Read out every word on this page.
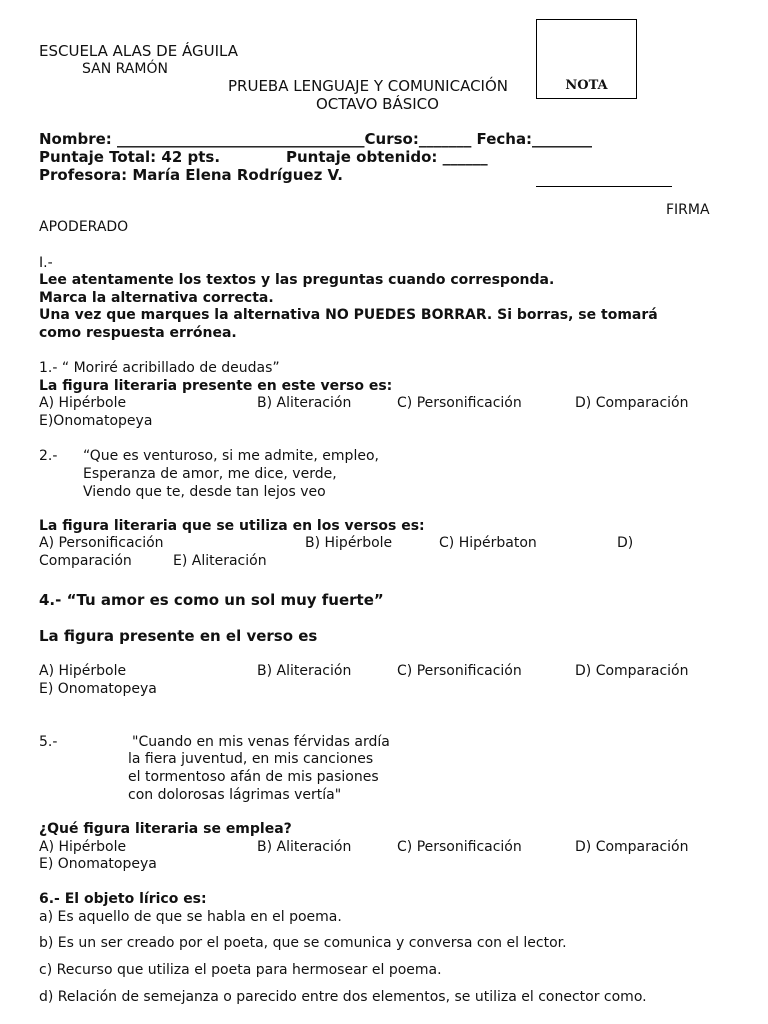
ESCUELA ALAS DE ÁGUILA
SAN RAMÓN
PRUEBA LENGUAJE Y COMUNICACIÓN
OCTAVO BÁSICO
NOTA
Nombre: _________________________________Curso:_______ Fecha:________
Puntaje Total: 42 pts.	Puntaje obtenido: ______
Profesora: María Elena Rodríguez V.
FIRMA
APODERADO
I.-
Lee atentamente los textos y las preguntas cuando corresponda.
Marca la alternativa correcta.
Una vez que marques la alternativa NO PUEDES BORRAR. Si borras, se tomará
como respuesta errónea.
1.- “ Moriré acribillado de deudas”
La figura literaria presente en este verso es:
A) Hipérbole	B) Aliteración	C) Personificación	D) Comparación
E)Onomatopeya
2.- “Que es venturoso, si me admite, empleo,
Esperanza de amor, me dice, verde,
Viendo que te, desde tan lejos veo
La figura literaria que se utiliza en los versos es:
A) Personificación	B) Hipérbole	C) Hipérbaton	D)
Comparación	E) Aliteración
4.- “Tu amor es como un sol muy fuerte”
La figura presente en el verso es
A) Hipérbole	B) Aliteración	C) Personificación	D) Comparación
E) Onomatopeya
5.-	"Cuando en mis venas férvidas ardía
la fiera juventud, en mis canciones
el tormentoso afán de mis pasiones
con dolorosas lágrimas vertía"
¿Qué figura literaria se emplea?
A) Hipérbole	B) Aliteración	C) Personificación	D) Comparación
E) Onomatopeya
6.- El objeto lírico es:
a) Es aquello de que se habla en el poema.
b) Es un ser creado por el poeta, que se comunica y conversa con el lector.
c) Recurso que utiliza el poeta para hermosear el poema.
d) Relación de semejanza o parecido entre dos elementos, se utiliza el conector como.
